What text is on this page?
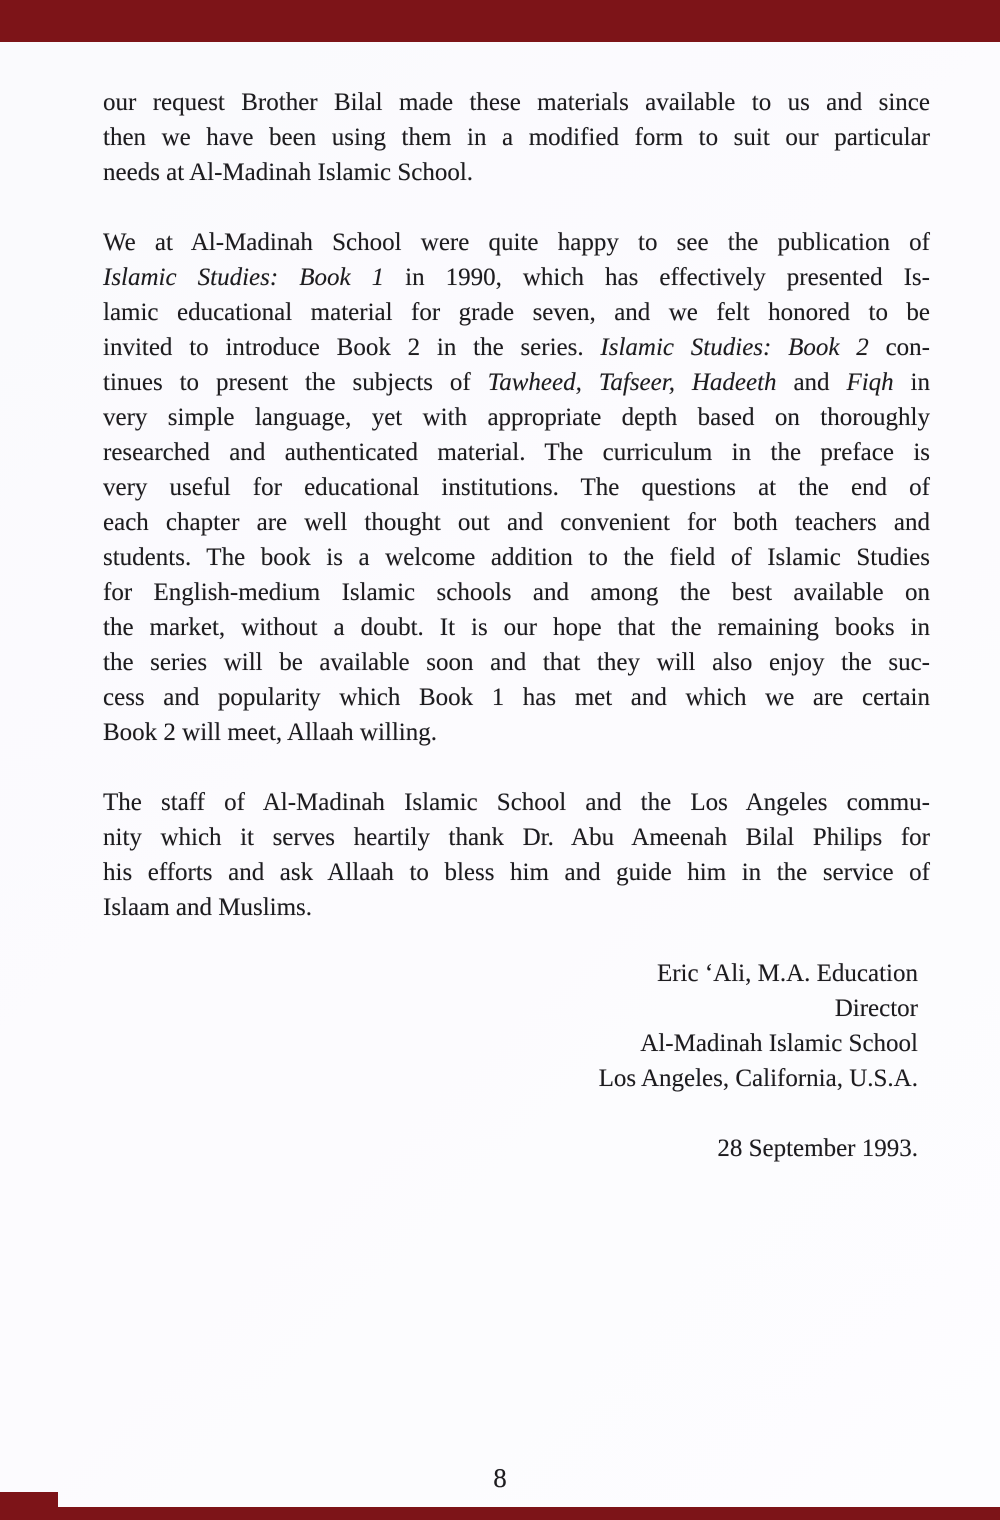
our request Brother Bilal made these materials available to us and since
then we have been using them in a modified form to suit our particular
needs at Al-Madinah Islamic School.
We at Al-Madinah School were quite happy to see the publication of
Islamic Studies: Book 1 in 1990, which has effectively presented Is-
lamic educational material for grade seven, and we felt honored to be
invited to introduce Book 2 in the series. Islamic Studies: Book 2 con-
tinues to present the subjects of Tawheed, Tafseer, Hadeeth and Fiqh in
very simple language, yet with appropriate depth based on thoroughly
researched and authenticated material. The curriculum in the preface is
very useful for educational institutions. The questions at the end of
each chapter are well thought out and convenient for both teachers and
students. The book is a welcome addition to the field of Islamic Studies
for English-medium Islamic schools and among the best available on
the market, without a doubt. It is our hope that the remaining books in
the series will be available soon and that they will also enjoy the suc-
cess and popularity which Book 1 has met and which we are certain
Book 2 will meet, Allaah willing.
The staff of Al-Madinah Islamic School and the Los Angeles commu-
nity which it serves heartily thank Dr. Abu Ameenah Bilal Philips for
his efforts and ask Allaah to bless him and guide him in the service of
Islaam and Muslims.
Eric ‘Ali, M.A. Education
Director
Al-Madinah Islamic School
Los Angeles, California, U.S.A.
28 September 1993.
8
